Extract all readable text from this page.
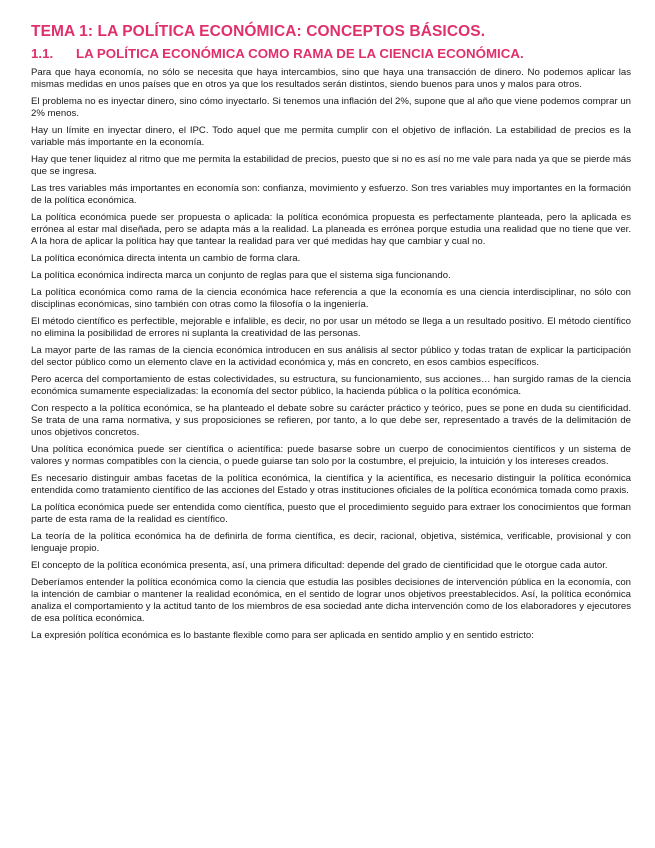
TEMA 1: LA POLÍTICA ECONÓMICA: CONCEPTOS BÁSICOS.
1.1. LA POLÍTICA ECONÓMICA COMO RAMA DE LA CIENCIA ECONÓMICA.

Para que haya economía, no sólo se necesita que haya intercambios, sino que haya una transacción de dinero. No podemos aplicar las mismas medidas en unos países que en otros ya que los resultados serán distintos, siendo buenos para unos y malos para otros.

El problema no es inyectar dinero, sino cómo inyectarlo. Si tenemos una inflación del 2%, supone que al año que viene podemos comprar un 2% menos.

Hay un límite en inyectar dinero, el IPC. Todo aquel que me permita cumplir con el objetivo de inflación. La estabilidad de precios es la variable más importante en la economía.

Hay que tener liquidez al ritmo que me permita la estabilidad de precios, puesto que si no es así no me vale para nada ya que se pierde más que se ingresa.

Las tres variables más importantes en economía son: confianza, movimiento y esfuerzo. Son tres variables muy importantes en la formación de la política económica.

La política económica puede ser propuesta o aplicada: la política económica propuesta es perfectamente planteada, pero la aplicada es errónea al estar mal diseñada, pero se adapta más a la realidad. La planeada es errónea porque estudia una realidad que no tiene que ver. A la hora de aplicar la política hay que tantear la realidad para ver qué medidas hay que cambiar y cual no.

La política económica directa intenta un cambio de forma clara.

La política económica indirecta marca un conjunto de reglas para que el sistema siga funcionando.

La política económica como rama de la ciencia económica hace referencia a que la economía es una ciencia interdisciplinar, no sólo con disciplinas económicas, sino también con otras como la filosofía o la ingeniería.

El método científico es perfectible, mejorable e infalible, es decir, no por usar un método se llega a un resultado positivo. El método científico no elimina la posibilidad de errores ni suplanta la creatividad de las personas.

La mayor parte de las ramas de la ciencia económica introducen en sus análisis al sector público y todas tratan de explicar la participación del sector público como un elemento clave en la actividad económica y, más en concreto, en esos cambios específicos.

Pero acerca del comportamiento de estas colectividades, su estructura, su funcionamiento, sus acciones… han surgido ramas de la ciencia económica sumamente especializadas: la economía del sector público, la hacienda pública o la política económica.

Con respecto a la política económica, se ha planteado el debate sobre su carácter práctico y teórico, pues se pone en duda su cientificidad. Se trata de una rama normativa, y sus proposiciones se refieren, por tanto, a lo que debe ser, representado a través de la delimitación de unos objetivos concretos.

Una política económica puede ser científica o acientífica: puede basarse sobre un cuerpo de conocimientos científicos y un sistema de valores y normas compatibles con la ciencia, o puede guiarse tan solo por la costumbre, el prejuicio, la intuición y los intereses creados.

Es necesario distinguir ambas facetas de la política económica, la científica y la acientífica, es necesario distinguir la política económica entendida como tratamiento científico de las acciones del Estado y otras instituciones oficiales de la política económica tomada como praxis.

La política económica puede ser entendida como científica, puesto que el procedimiento seguido para extraer los conocimientos que forman parte de esta rama de la realidad es científico.

La teoría de la política económica ha de definirla de forma científica, es decir, racional, objetiva, sistémica, verificable, provisional y con lenguaje propio.

El concepto de la política económica presenta, así, una primera dificultad: depende del grado de cientificidad que le otorgue cada autor.

Deberíamos entender la política económica como la ciencia que estudia las posibles decisiones de intervención pública en la economía, con la intención de cambiar o mantener la realidad económica, en el sentido de lograr unos objetivos preestablecidos. Así, la política económica analiza el comportamiento y la actitud tanto de los miembros de esa sociedad ante dicha intervención como de los elaboradores y ejecutores de esa política económica.

La expresión política económica es lo bastante flexible como para ser aplicada en sentido amplio y en sentido estricto:
